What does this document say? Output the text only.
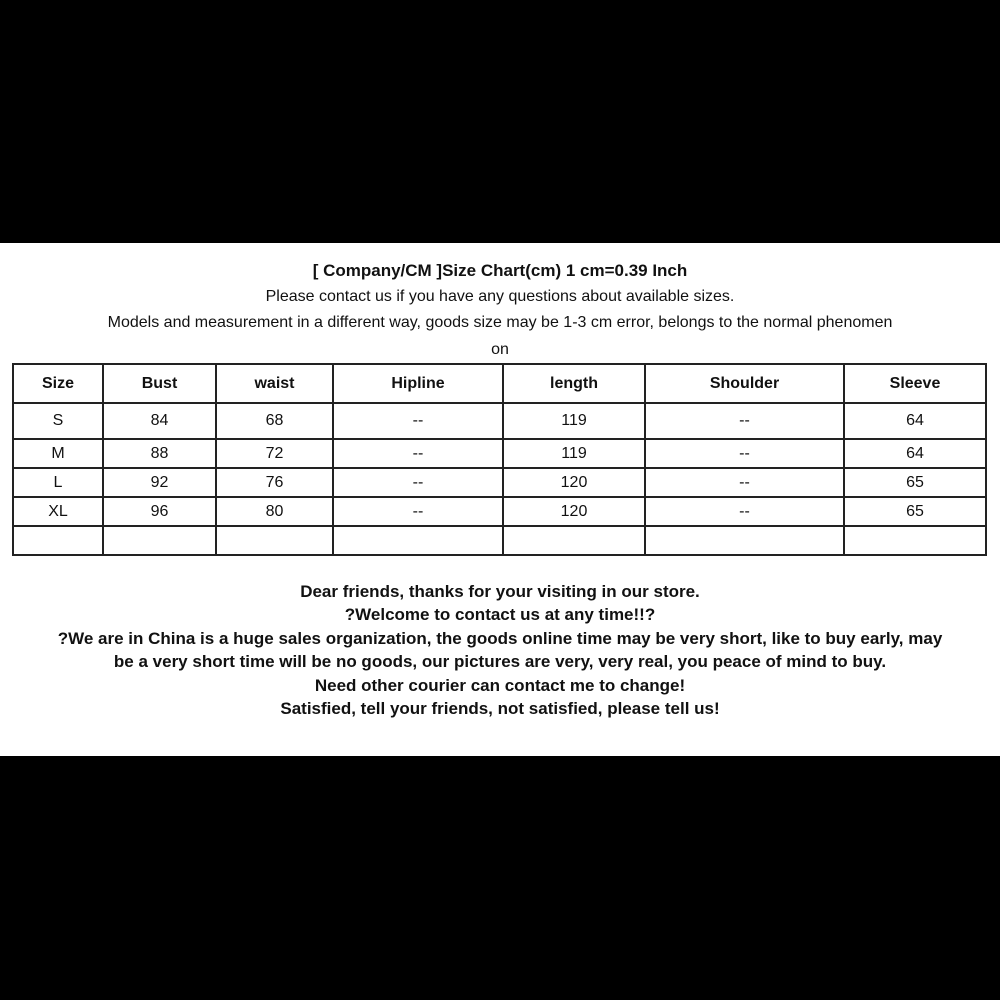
[ Company/CM ]Size Chart(cm) 1 cm=0.39 Inch
Please contact us if you have any questions about available sizes.
Models and measurement in a different way, goods size may be 1-3 cm error, belongs to the normal phenomen
on
Size	Bust	waist	Hipline	length	Shoulder	Sleeve
S	84	68	--	119	--	64
M	88	72	--	119	--	64
L	92	76	--	120	--	65
XL	96	80	--	120	--	65

Dear friends, thanks for your visiting in our store.

?Welcome to contact us at any time!!?

?We are in China is a huge sales organization, the goods online time may be very short, like to buy early, maybe a very short time will be no goods, our pictures are very, very real, you peace of mind to buy.

Need other courier can contact me to change!

Satisfied, tell your friends, not satisfied, please tell us!
